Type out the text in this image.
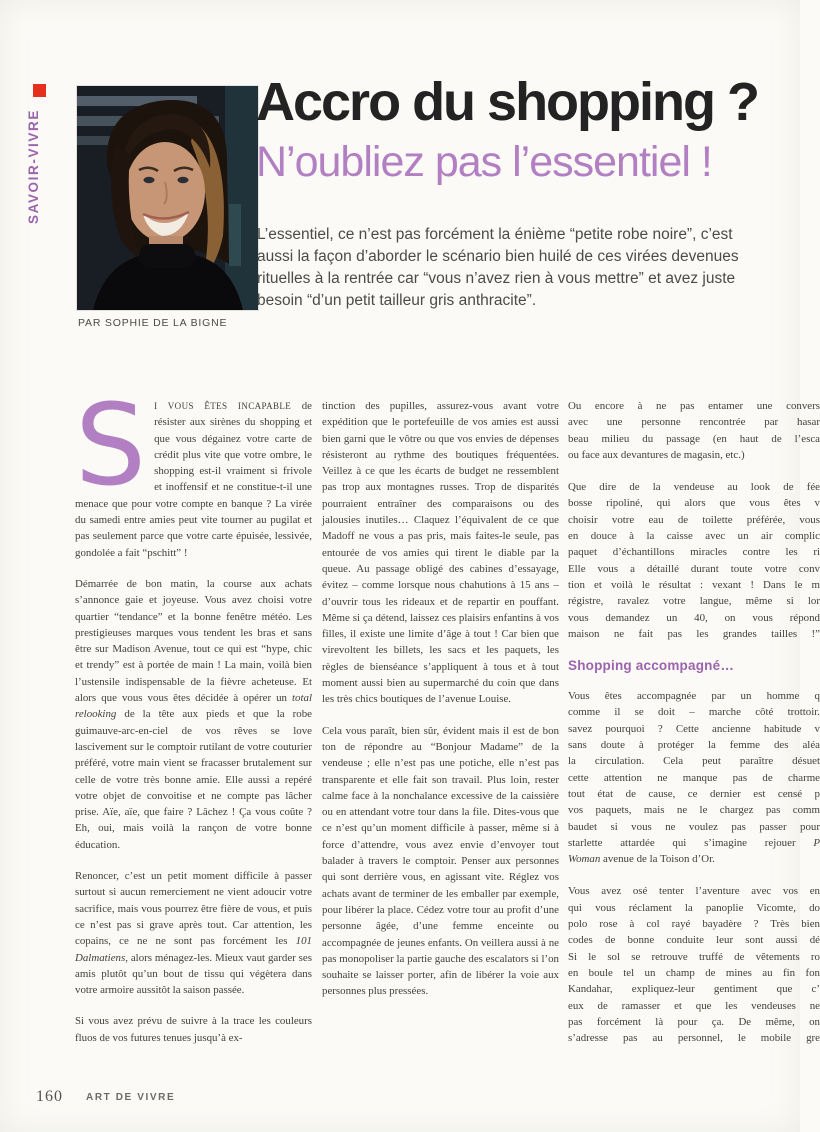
SAVOIR-VIVRE
PAR SOPHIE DE LA BIGNE
Accro du shopping ?
N’oubliez pas l’essentiel !

L’essentiel, ce n’est pas forcément la énième “petite robe noire”, c’est aussi la façon d’aborder le scénario bien huilé de ces virées devenues rituelles à la rentrée car “vous n’avez rien à vous mettre” et avez juste besoin “d’un petit tailleur gris anthracite”.

S I VOUS ÊTES INCAPABLE de résister aux sirènes du shopping et que vous dégainez votre carte de crédit plus vite que votre ombre, le shopping est-il vraiment si frivole et inoffensif et ne constitue-t-il une menace que pour votre compte en banque ? La virée du samedi entre amies peut vite tourner au pugilat et pas seulement parce que votre carte épuisée, lessivée, gondolée a fait “pschitt” !

Démarrée de bon matin, la course aux achats s’annonce gaie et joyeuse. Vous avez choisi votre quartier “tendance” et la bonne fenêtre météo. Les prestigieuses marques vous tendent les bras et sans être sur Madison Avenue, tout ce qui est “hype, chic et trendy” est à portée de main ! La main, voilà bien l’ustensile indispensable de la fièvre acheteuse. Et alors que vous vous êtes décidée à opérer un total relooking de la tête aux pieds et que la robe guimauve-arc-en-ciel de vos rêves se love lascivement sur le comptoir rutilant de votre couturier préféré, votre main vient se fracasser brutalement sur celle de votre très bonne amie. Elle aussi a repéré votre objet de convoitise et ne compte pas lâcher prise. Aïe, aïe, que faire ? Lâchez ! Ça vous coûte ? Eh, oui, mais voilà la rançon de votre bonne éducation.

Renoncer, c’est un petit moment difficile à passer surtout si aucun remerciement ne vient adoucir votre sacrifice, mais vous pourrez être fière de vous, et puis ce n’est pas si grave après tout. Car attention, les copains, ce ne ne sont pas forcément les 101 Dalmatiens, alors ménagez-les. Mieux vaut garder ses amis plutôt qu’un bout de tissu qui végètera dans votre armoire aussitôt la saison passée.

Si vous avez prévu de suivre à la trace les couleurs fluos de vos futures tenues jusqu’à ex-

tinction des pupilles, assurez-vous avant votre expédition que le portefeuille de vos amies est aussi bien garni que le vôtre ou que vos envies de dépenses résisteront au rythme des boutiques fréquentées. Veillez à ce que les écarts de budget ne ressemblent pas trop aux montagnes russes. Trop de disparités pourraient entraîner des comparaisons ou des jalousies inutiles… Claquez l’équivalent de ce que Madoff ne vous a pas pris, mais faites-le seule, pas entourée de vos amies qui tirent le diable par la queue. Au passage obligé des cabines d’essayage, évitez – comme lorsque nous chahutions à 15 ans – d’ouvrir tous les rideaux et de repartir en pouffant. Même si ça détend, laissez ces plaisirs enfantins à vos filles, il existe une limite d’âge à tout ! Car bien que virevoltent les billets, les sacs et les paquets, les règles de bienséance s’appliquent à tous et à tout moment aussi bien au supermarché du coin que dans les très chics boutiques de l’avenue Louise.

Cela vous paraît, bien sûr, évident mais il est de bon ton de répondre au “Bonjour Madame” de la vendeuse ; elle n’est pas une potiche, elle n’est pas transparente et elle fait son travail. Plus loin, rester calme face à la nonchalance excessive de la caissière ou en attendant votre tour dans la file. Dites-vous que ce n’est qu’un moment difficile à passer, même si à force d’attendre, vous avez envie d’envoyer tout balader à travers le comptoir. Penser aux personnes qui sont derrière vous, en agissant vite. Réglez vos achats avant de terminer de les emballer par exemple, pour libérer la place. Cédez votre tour au profit d’une personne âgée, d’une femme enceinte ou accompagnée de jeunes enfants. On veillera aussi à ne pas monopoliser la partie gauche des escalators si l’on souhaite se laisser porter, afin de libérer la voie aux personnes plus pressées.

Ou encore à ne pas entamer une convers
avec une personne rencontrée par hasar
beau milieu du passage (en haut de l’esca
ou face aux devantures de magasin, etc.)
Que dire de la vendeuse au look de fée
bosse ripoliné, qui alors que vous êtes v
choisir votre eau de toilette préférée, vous
en douce à la caisse avec un air complic
paquet d’échantillons miracles contre les ri
Elle vous a détaillé durant toute votre conv
tion et voilà le résultat : vexant ! Dans le m
régistre, ravalez votre langue, même si lor
vous demandez un 40, on vous répond
maison ne fait pas les grandes tailles !”
Shopping accompagné…
Vous êtes accompagnée par un homme q
comme il se doit – marche côté trottoir.
savez pourquoi ? Cette ancienne habitude v
sans doute à protéger la femme des aléa
la circulation. Cela peut paraître désuet
cette attention ne manque pas de charme
tout état de cause, ce dernier est censé p
vos paquets, mais ne le chargez pas comm
baudet si vous ne voulez pas passer pour
starlette attardée qui s’imagine rejouer P
Woman avenue de la Toison d’Or.
Vous avez osé tenter l’aventure avec vos en
qui vous réclament la panoplie Vicomte, do
polo rose à col rayé bayadère ? Très bien
codes de bonne conduite leur sont aussi dé
Si le sol se retrouve truffé de vêtements ro
en boule tel un champ de mines au fin fon
Kandahar, expliquez-leur gentiment que c’
eux de ramasser et que les vendeuses ne
pas forcément là pour ça. De même, on
s’adresse pas au personnel, le mobile gre
160 ART DE VIVRE
